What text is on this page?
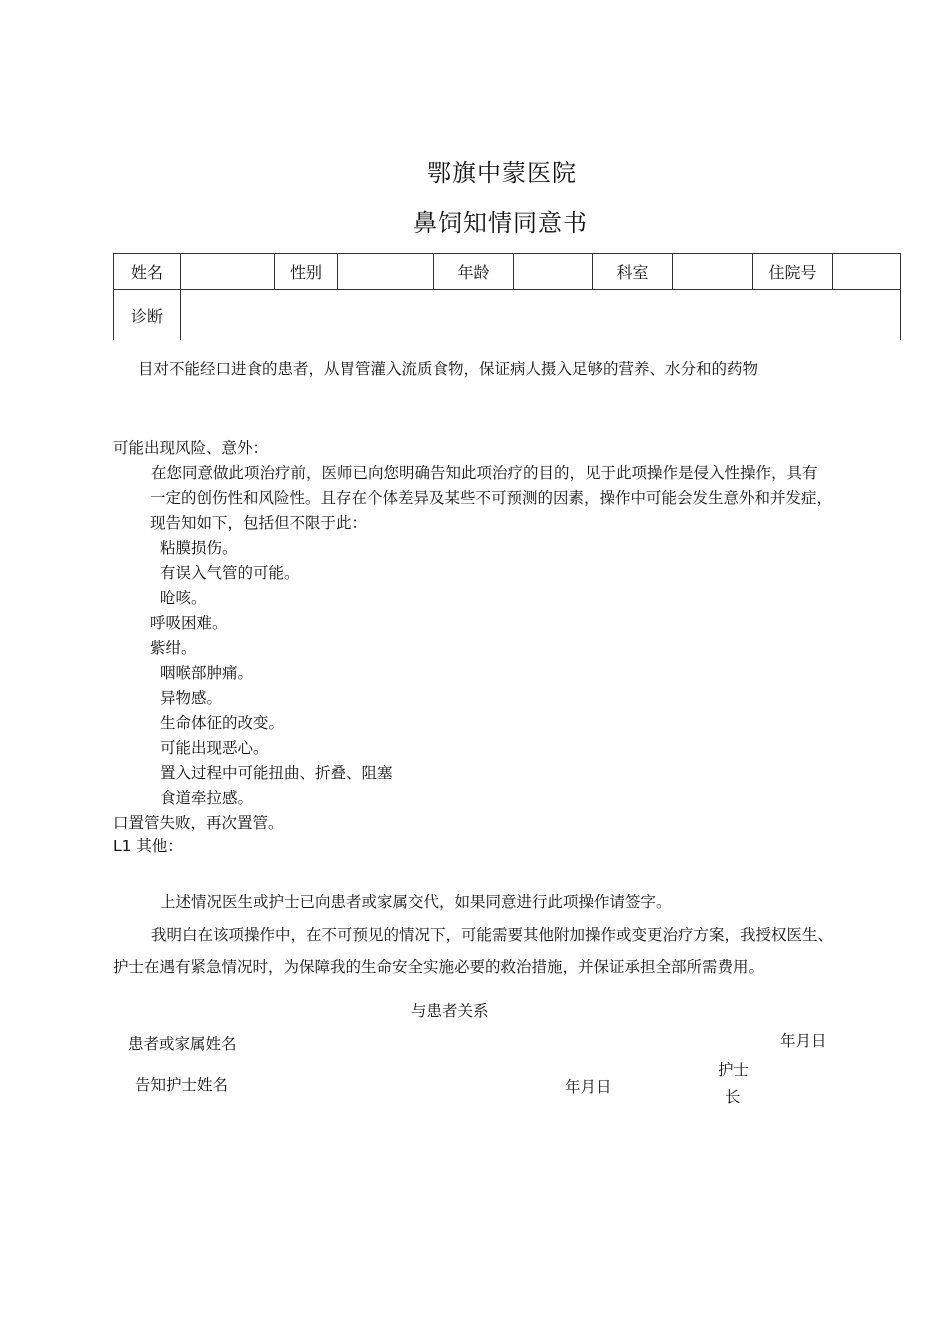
鄂旗中蒙医院
鼻饲知情同意书
姓名		性别		年龄		科室		住院号	
诊断									
目对不能经口进食的患者，从胃管灌入流质食物，保证病人摄入足够的营养、水分和的药物
可能出现风险、意外：
在您同意做此项治疗前，医师已向您明确告知此项治疗的目的，见于此项操作是侵入性操作，具有
一定的创伤性和风险性。且存在个体差异及某些不可预测的因素，操作中可能会发生意外和并发症，
现告知如下，包括但不限于此：
粘膜损伤。
有误入气管的可能。
呛咳。
呼吸困难。
紫绀。
咽喉部肿痛。
异物感。
生命体征的改变。
可能出现恶心。
置入过程中可能扭曲、折叠、阻塞
食道牵拉感。
口置管失败，再次置管。
L1 其他：
上述情况医生或护士已向患者或家属交代，如果同意进行此项操作请签字。
我明白在该项操作中，在不可预见的情况下，可能需要其他附加操作或变更治疗方案，我授权医生、
护士在遇有紧急情况时，为保障我的生命安全实施必要的救治措施，并保证承担全部所需费用。
与患者关系
患者或家属姓名	年月日
告知护士姓名	年月日
护士
长
